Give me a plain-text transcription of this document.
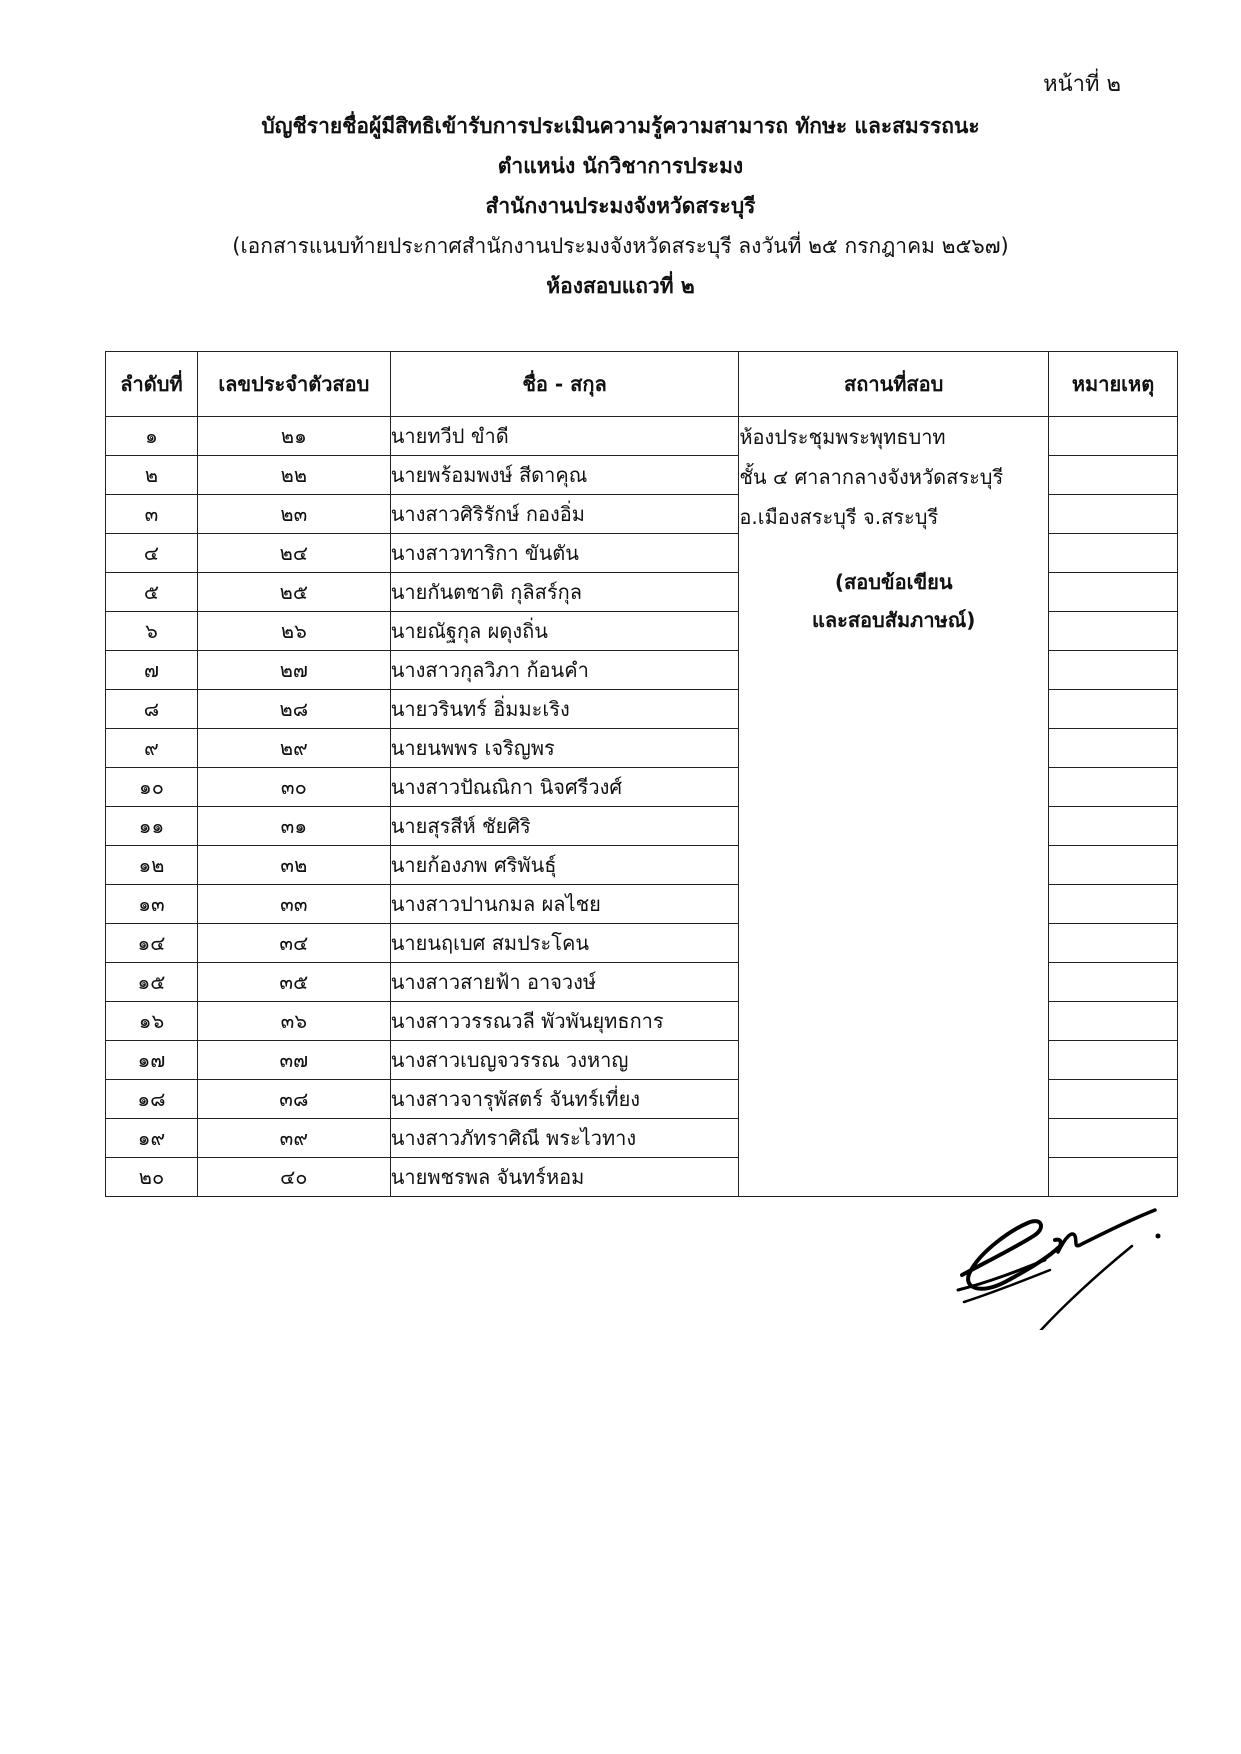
หน้าที่ ๒
บัญชีรายชื่อผู้มีสิทธิเข้ารับการประเมินความรู้ความสามารถ ทักษะ และสมรรถนะ
ตำแหน่ง นักวิชาการประมง
สำนักงานประมงจังหวัดสระบุรี
(เอกสารแนบท้ายประกาศสำนักงานประมงจังหวัดสระบุรี ลงวันที่ ๒๕ กรกฎาคม ๒๕๖๗)
ห้องสอบแถวที่ ๒
ลำดับที่	เลขประจำตัวสอบ	ชื่อ - สกุล	สถานที่สอบ	หมายเหตุ
๑	๒๑	นายทวีป ขำดี	ห้องประชุมพระพุทธบาท
ชั้น ๔ ศาลากลางจังหวัดสระบุรี
อ.เมืองสระบุรี จ.สระบุรี
(สอบข้อเขียน
และสอบสัมภาษณ์)	

๒	๒๒	นายพร้อมพงษ์ สีดาคุณ		
๓	๒๓	นางสาวศิริรักษ์ กองอิ่ม		
๔	๒๔	นางสาวทาริกา ขันตัน		
๕	๒๕	นายกันตชาติ กุลิสร์กุล		
๖	๒๖	นายณัฐกุล ผดุงถิ่น		
๗	๒๗	นางสาวกุลวิภา ก้อนคำ		
๘	๒๘	นายวรินทร์ อิ่มมะเริง		
๙	๒๙	นายนพพร เจริญพร		
๑๐	๓๐	นางสาวปัณณิกา นิจศรีวงศ์		
๑๑	๓๑	นายสุรสีห์ ชัยศิริ		
๑๒	๓๒	นายก้องภพ ศริพันธุ์		
๑๓	๓๓	นางสาวปานกมล ผลไชย		
๑๔	๓๔	นายนฤเบศ สมประโคน		
๑๕	๓๕	นางสาวสายฟ้า อาจวงษ์		
๑๖	๓๖	นางสาววรรณวลี พัวพันยุทธการ		
๑๗	๓๗	นางสาวเบญจวรรณ วงหาญ		
๑๘	๓๘	นางสาวจารุพัสตร์ จันทร์เที่ยง		
๑๙	๓๙	นางสาวภัทราศิณี พระไวทาง		
๒๐	๔๐	นายพชรพล จันทร์หอม		
